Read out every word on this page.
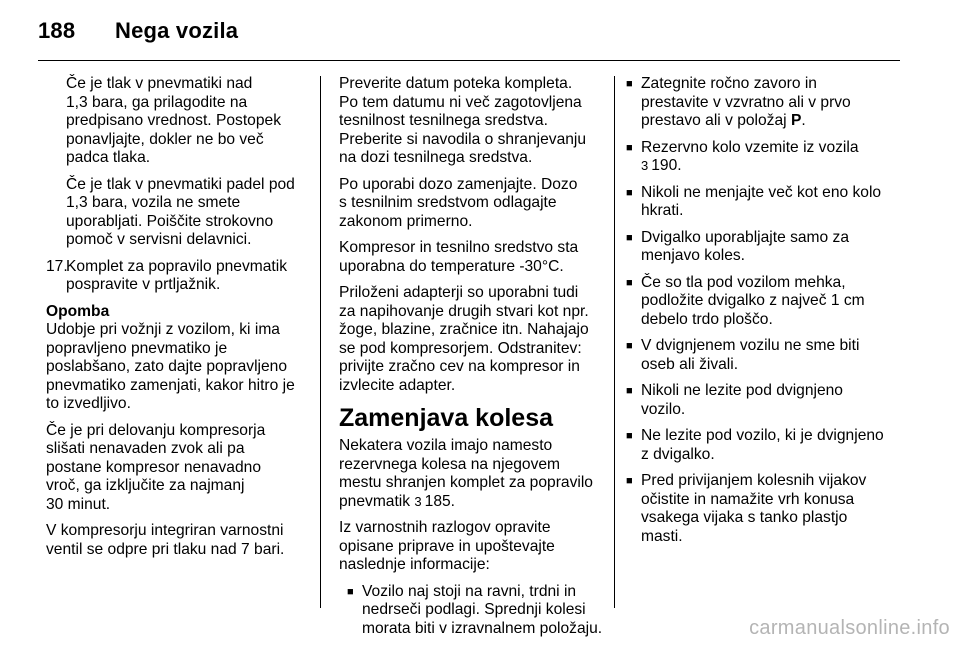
188 Nega vozila

Če je tlak v pnevmatiki nad
1,3 bara, ga prilagodite na
predpisano vrednost. Postopek
ponavljajte, dokler ne bo več
padca tlaka.

Če je tlak v pnevmatiki padel pod
1,3 bara, vozila ne smete
uporabljati. Poiščite strokovno
pomoč v servisni delavnici.

17.
Komplet za popravilo pnevmatik
pospravite v prtljažnik.

Opomba

Udobje pri vožnji z vozilom, ki ima
popravljeno pnevmatiko je
poslabšano, zato dajte popravljeno
pnevmatiko zamenjati, kakor hitro je
to izvedljivo.

Če je pri delovanju kompresorja
slišati nenavaden zvok ali pa
postane kompresor nenavadno
vroč, ga izključite za najmanj
30 minut.

V kompresorju integriran varnostni
ventil se odpre pri tlaku nad 7 bari.

Preverite datum poteka kompleta.
Po tem datumu ni več zagotovljena
tesnilnost tesnilnega sredstva.
Preberite si navodila o shranjevanju
na dozi tesnilnega sredstva.

Po uporabi dozo zamenjajte. Dozo
s tesnilnim sredstvom odlagajte
zakonom primerno.

Kompresor in tesnilno sredstvo sta
uporabna do temperature -30°C.

Priloženi adapterji so uporabni tudi
za napihovanje drugih stvari kot npr.
žoge, blazine, zračnice itn. Nahajajo
se pod kompresorjem. Odstranitev:
privijte zračno cev na kompresor in
izvlecite adapter.

Zamenjava kolesa

Nekatera vozila imajo namesto
rezervnega kolesa na njegovem
mestu shranjen komplet za popravilo
pnevmatik 3 185.

Iz varnostnih razlogov opravite
opisane priprave in upoštevajte
naslednje informacije:

■ Vozilo naj stoji na ravni, trdni in
nedrseči podlagi. Sprednji kolesi
morata biti v izravnalnem položaju.
■ Zategnite ročno zavoro in
prestavite v vzvratno ali v prvo
prestavo ali v položaj P.
■ Rezervno kolo vzemite iz vozila
3 190.
■ Nikoli ne menjajte več kot eno kolo
hkrati.
■ Dvigalko uporabljajte samo za
menjavo koles.
■ Če so tla pod vozilom mehka,
podložite dvigalko z največ 1 cm
debelo trdo ploščo.
■ V dvignjenem vozilu ne sme biti
oseb ali živali.
■ Nikoli ne lezite pod dvignjeno
vozilo.
■ Ne lezite pod vozilo, ki je dvignjeno
z dvigalko.
■ Pred privijanjem kolesnih vijakov
očistite in namažite vrh konusa
vsakega vijaka s tanko plastjo
masti.
carmanualsonline.info
